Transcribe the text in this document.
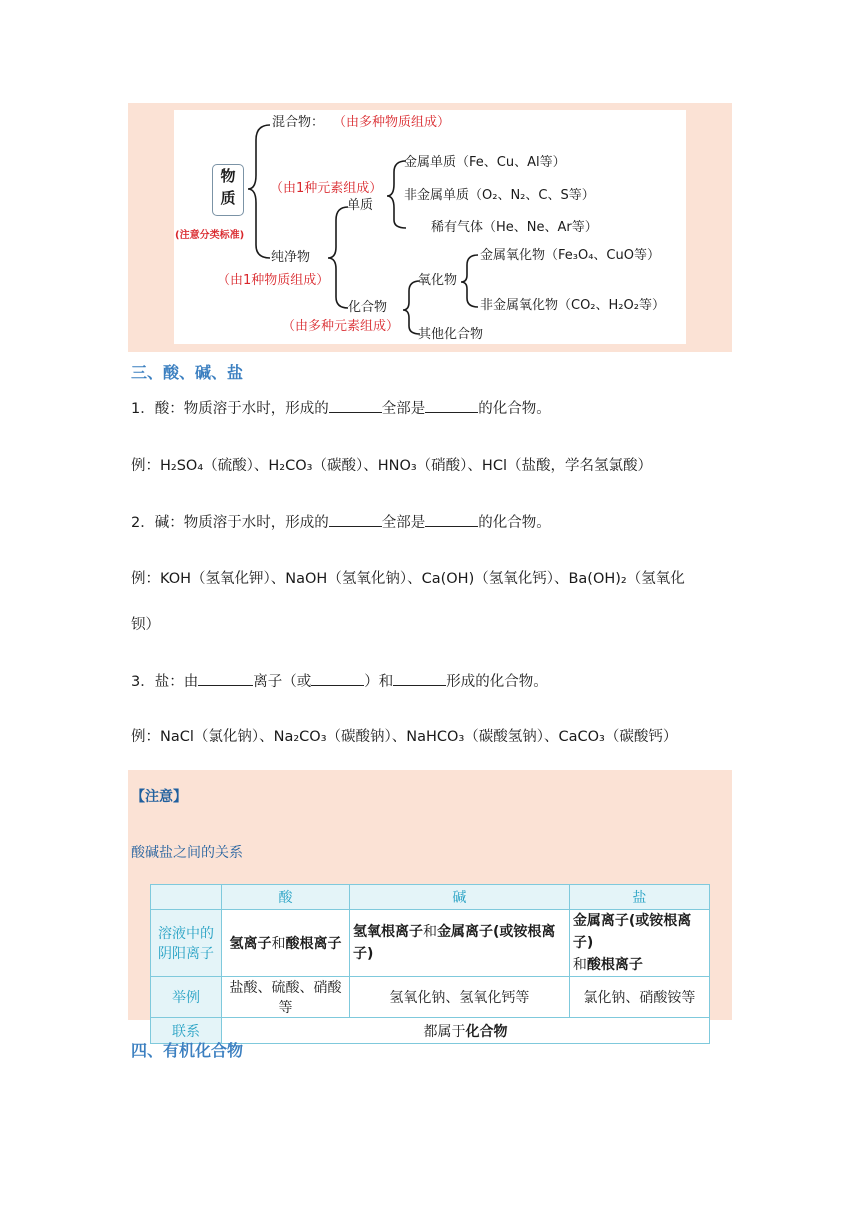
物
质
(注意分类标准)
混合物： （由多种物质组成）
（由1种元素组成）
单质
金属单质（Fe、Cu、Al等）
非金属单质（O₂、N₂、C、S等）
稀有气体（He、Ne、Ar等）
纯净物
（由1种物质组成）
化合物
（由多种元素组成）
氧化物
金属氧化物（Fe₃O₄、CuO等）
非金属氧化物（CO₂、H₂O₂等）
其他化合物
三、酸、碱、盐
1．酸：物质溶于水时，形成的	全部是	的化合物。
例：H₂SO₄（硫酸）、H₂CO₃（碳酸）、HNO₃（硝酸）、HCl（盐酸，学名氢氯酸）
2．碱：物质溶于水时，形成的	全部是	的化合物。
例：KOH（氢氧化钾）、NaOH（氢氧化钠）、Ca(OH)（氢氧化钙）、Ba(OH)₂（氢氧化
钡）
3．盐：由	离子（或	）和	形成的化合物。
例：NaCl（氯化钠）、Na₂CO₃（碳酸钠）、NaHCO₃（碳酸氢钠）、CaCO₃（碳酸钙）
【注意】
酸碱盐之间的关系
	酸	碱	盐
溶液中的阴阳离子	氢离子和酸根离子	氢氧根离子和金属离子(或铵根离子)	金属离子(或铵根离子)
和酸根离子
举例	盐酸、硫酸、硝酸等	氢氧化钠、氢氧化钙等	氯化钠、硝酸铵等
联系	都属于化合物		
四、有机化合物
